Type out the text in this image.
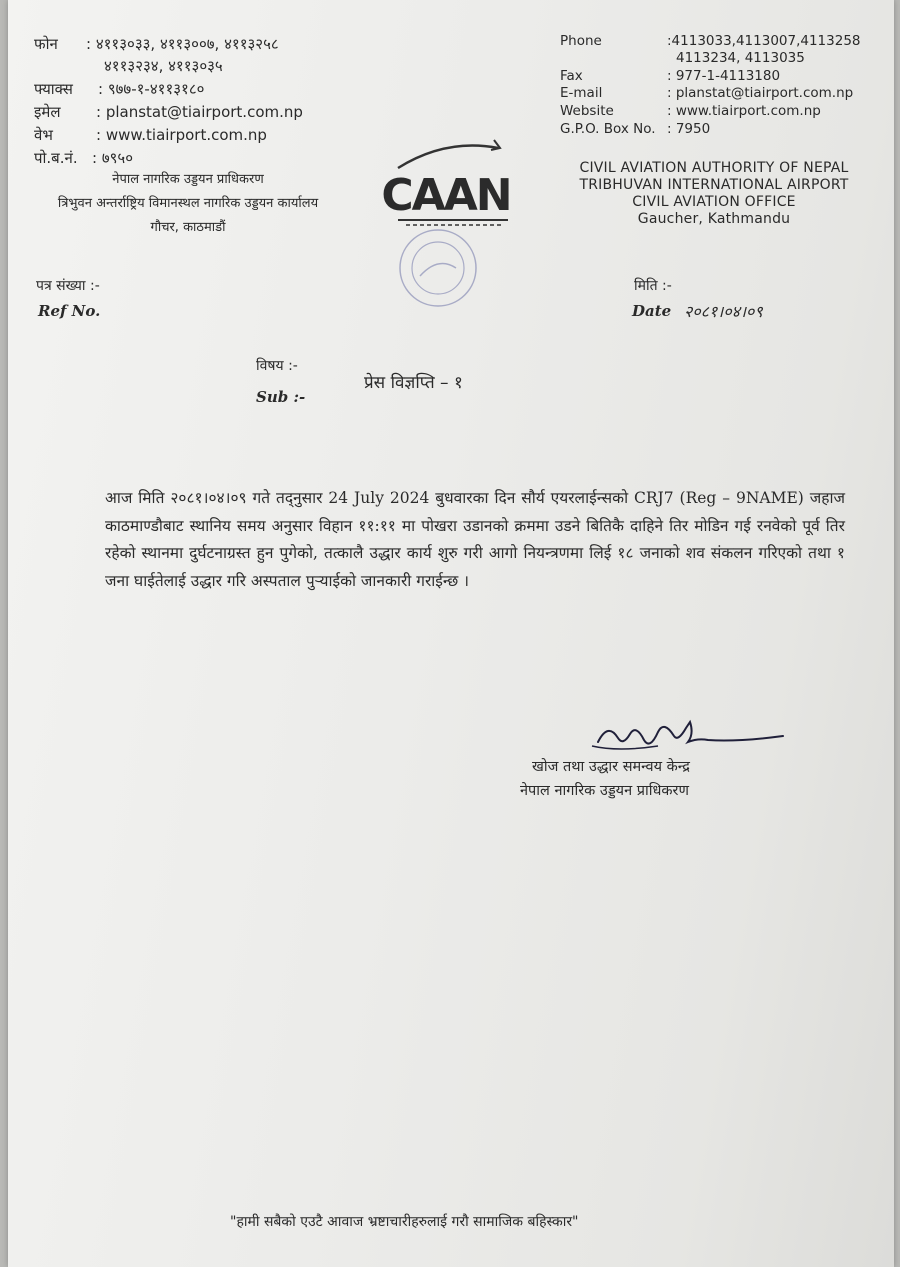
फोन : ४११३०३३, ४११३००७, ४११३२५८
४११३२३४, ४११३०३५
फ्याक्स : ९७७-१-४११३१८०
इमेल : planstat@tiairport.com.np
वेभ	: www.tiairport.com.np
पो.ब.नं. : ७९५०
नेपाल नागरिक उड्डयन प्राधिकरण
त्रिभुवन अन्तर्राष्ट्रिय विमानस्थल नागरिक उड्डयन कार्यालय
गौचर, काठमाडौं
CAAN
Phone	:4113033,4113007,4113258
4113234, 4113035
Fax	: 977-1-4113180
E-mail	: planstat@tiairport.com.np
Website	: www.tiairport.com.np
G.P.O. Box No. : 7950
CIVIL AVIATION AUTHORITY OF NEPAL
TRIBHUVAN INTERNATIONAL AIRPORT
CIVIL AVIATION OFFICE
Gaucher, Kathmandu
पत्र संख्या :-
Ref No.
मिति :-
Date २०८१।०४।०९
विषय :-
Sub :-
प्रेस विज्ञप्ति – १
आज मिति २०८१।०४।०९ गते तद्नुसार 24 July 2024 बुधवारका दिन सौर्य एयरलाईन्सको CRJ7 (Reg – 9NAME) जहाज काठमाण्डौबाट स्थानिय समय अनुसार विहान ११:११ मा पोखरा उडानको क्रममा उडने बितिकै दाहिने तिर मोडिन गई रनवेको पूर्व तिर रहेको स्थानमा दुर्घटनाग्रस्त हुन पुगेको, तत्कालै उद्धार कार्य शुरु गरी आगो नियन्त्रणमा लिई १८ जनाको शव संकलन गरिएको तथा १ जना घाईतेलाई उद्धार गरि अस्पताल पुऱ्याईको जानकारी गराईन्छ ।
खोज तथा उद्धार समन्वय केन्द्र
नेपाल नागरिक उड्डयन प्राधिकरण
"हामी सबैको एउटै आवाज भ्रष्टाचारीहरुलाई गरौ सामाजिक बहिस्कार"
